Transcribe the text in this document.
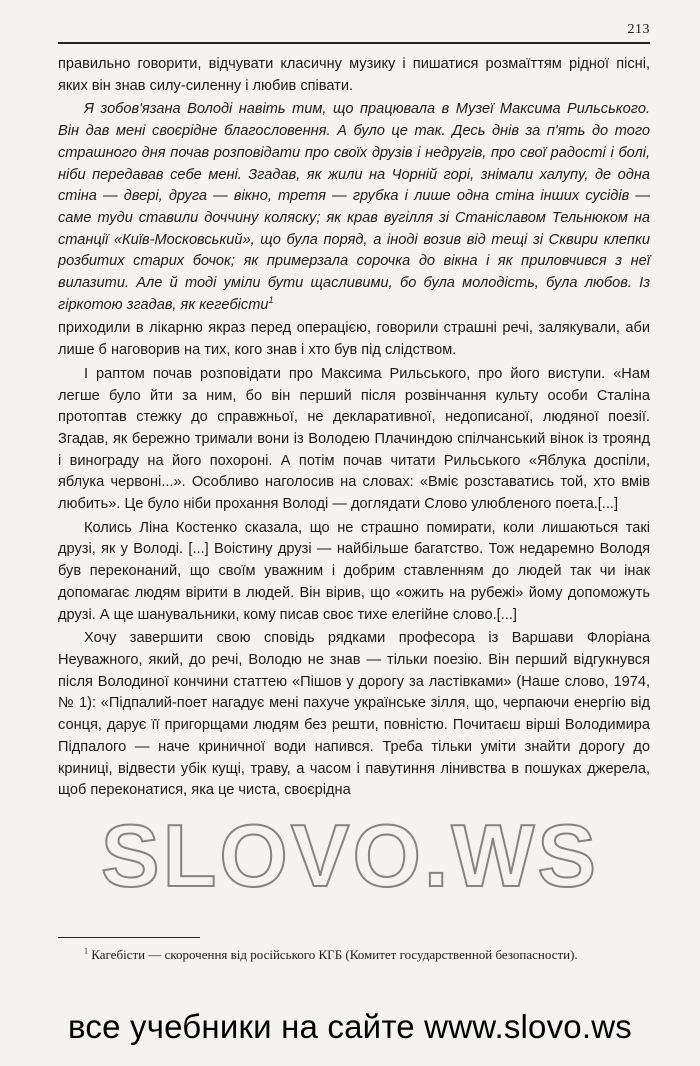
213

правильно говорити, відчувати класичну музику і пишатися розмаїттям рідної пісні, яких він знав силу-силенну і любив співати.

Я зобов'язана Володі навіть тим, що працювала в Музеї Максима Рильського. Він дав мені своєрідне благословення. А було це так. Десь днів за п'ять до того страшного дня почав розповідати про своїх друзів і недругів, про свої радості і болі, ніби передавав себе мені. Згадав, як жили на Чорній горі, знімали халупу, де одна стіна — двері, друга — вікно, третя — грубка і лише одна стіна інших сусідів — саме туди ставили доччину коляску; як крав вугілля зі Станіславом Тельнюком на станції «Київ-Московський», що була поряд, а іноді возив від тещі зі Сквири клепки розбитих старих бочок; як примерзала сорочка до вікна і як приловчився з неї вилазити. Але й тоді уміли бути щасливими, бо була молодість, була любов. Із гіркотою згадав, як кегебісти$^1$

приходили в лікарню якраз перед операцією, говорили страшні речі, залякували, аби лише б наговорив на тих, кого знав і хто був під слідством.

І раптом почав розповідати про Максима Рильського, про його виступи. «Нам легше було йти за ним, бо він перший після розвінчання культу особи Сталіна протоптав стежку до справжньої, не декларативної, недописаної, людяної поезії. Згадав, як бережно тримали вони із Володею Плачиндою спілчанський вінок із троянд і винограду на його похороні. А потім почав читати Рильського «Яблука доспіли, яблука червоні...». Особливо наголосив на словах: «Вміє розставатись той, хто вмів любить». Це було ніби прохання Володі — доглядати Слово улюбленого поета.[...]

Колись Ліна Костенко сказала, що не страшно помирати, коли лишаються такі друзі, як у Володі. [...] Воістину друзі — найбільше багатство. Тож недаремно Володя був переконаний, що своїм уважним і добрим ставленням до людей так чи інак допомагає людям вірити в людей. Він вірив, що «ожить на рубежі» йому допоможуть друзі. А ще шанувальники, кому писав своє тихе елегійне слово.[...]

Хочу завершити свою сповідь рядками професора із Варшави Флоріана Неуважного, який, до речі, Володю не знав — тільки поезію. Він перший відгукнувся після Володиної кончини статтею «Пішов у дорогу за ластівками» (Наше слово, 1974, № 1): «Підпалий-поет нагадує мені пахуче українське зілля, що, черпаючи енергію від сонця, дарує її пригорщами людям без решти, повністю. Почитаєш вірші Володимира Підпалого — наче криничної води напився. Треба тільки уміти знайти дорогу до криниці, відвести убік кущі, траву, а часом і павутиння лінивства в пошуках джерела, щоб переконатися, яка це чиста, своєрідна

SLOVO.WS
$^1$ Кагебісти — скорочення від російського КГБ (Комитет государственной безопасности).
все учебники на сайте www.slovo.ws
